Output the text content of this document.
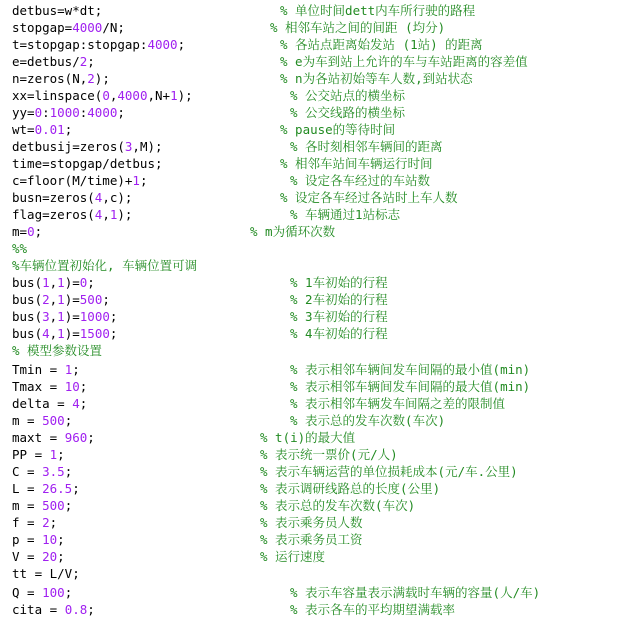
detbus=w*dt;	% 单位时间dett内车所行驶的路程
stopgap=4000/N;	% 相邻车站之间的间距 (均分)
t=stopgap:stopgap:4000;	% 各站点距离始发站 (1站) 的距离
e=detbus/2;	% e为车到站上允许的车与车站距离的容差值
n=zeros(N,2);	% n为各站初始等车人数,到站状态
xx=linspace(0,4000,N+1);	% 公交站点的横坐标
yy=0:1000:4000;	% 公交线路的横坐标
wt=0.01;	% pause的等待时间
detbusij=zeros(3,M);	% 各时刻相邻车辆间的距离
time=stopgap/detbus;	% 相邻车站间车辆运行时间
c=floor(M/time)+1;	% 设定各车经过的车站数
busn=zeros(4,c);	% 设定各车经过各站时上车人数
flag=zeros(4,1);	% 车辆通过1站标志
m=0;	% m为循环次数
%%
%车辆位置初始化, 车辆位置可调
bus(1,1)=0;	% 1车初始的行程
bus(2,1)=500;	% 2车初始的行程
bus(3,1)=1000;	% 3车初始的行程
bus(4,1)=1500;	% 4车初始的行程
% 模型参数设置
Tmin = 1;	% 表示相邻车辆间发车间隔的最小值(min)
Tmax = 10;	% 表示相邻车辆间发车间隔的最大值(min)
delta = 4;	% 表示相邻车辆发车间隔之差的限制值
m = 500;	% 表示总的发车次数(车次)
maxt = 960;	% t(i)的最大值
PP = 1;	% 表示统一票价(元/人)
C = 3.5;	% 表示车辆运营的单位损耗成本(元/车.公里)
L = 26.5;	% 表示调研线路总的长度(公里)
m = 500;	% 表示总的发车次数(车次)
f = 2;	% 表示乘务员人数
p = 10;	% 表示乘务员工资
V = 20;	% 运行速度
tt = L/V;
Q = 100;	% 表示车容量表示满载时车辆的容量(人/车)
cita = 0.8;	% 表示各车的平均期望满载率
